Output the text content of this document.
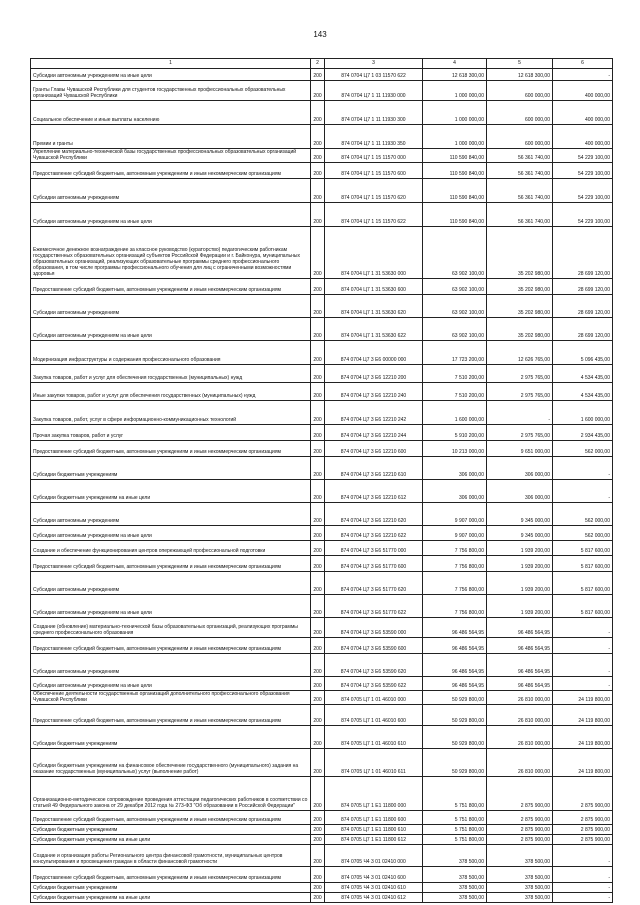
143
1	2	3	4	5	6
Субсидии автономным учреждениям на иные цели	200	874 0704 Ц7 1 03 11570 622	12 618 300,00	12 618 300,00	-
Гранты Главы Чувашской Республики для студентов государственных профессиональных образовательных организаций Чувашской Республики	200	874 0704 Ц7 1 11 11930 000	1 000 000,00	600 000,00	400 000,00
Социальное обеспечение и иные выплаты населению	200	874 0704 Ц7 1 11 11930 300	1 000 000,00	600 000,00	400 000,00
Премии и гранты	200	874 0704 Ц7 1 11 11930 350	1 000 000,00	600 000,00	400 000,00
Укрепление материально-технической базы государственных профессиональных образовательных организаций Чувашской Республики	200	874 0704 Ц7 1 15 11570 000	110 590 840,00	56 361 740,00	54 229 100,00
Предоставление субсидий бюджетным, автономным учреждениям и иным некоммерческим организациям	200	874 0704 Ц7 1 15 11570 600	110 590 840,00	56 361 740,00	54 229 100,00
Субсидии автономным учреждениям	200	874 0704 Ц7 1 15 11570 620	110 590 840,00	56 361 740,00	54 229 100,00
Субсидии автономным учреждениям на иные цели	200	874 0704 Ц7 1 15 11570 622	110 590 840,00	56 361 740,00	54 229 100,00
Ежемесячное денежное вознаграждение за классное руководство (кураторство) педагогическим работникам государственных образовательных организаций субъектов Российской Федерации и г. Байконура, муниципальных образовательных организаций, реализующих образовательные программы среднего профессионального образования, в том числе программы профессионального обучения для лиц с ограниченными возможностями здоровья	200	874 0704 Ц7 1 31 53630 000	63 902 100,00	35 202 980,00	28 699 120,00
Предоставление субсидий бюджетным, автономным учреждениям и иным некоммерческим организациям	200	874 0704 Ц7 1 31 53630 600	63 902 100,00	35 202 980,00	28 699 120,00
Субсидии автономным учреждениям	200	874 0704 Ц7 1 31 53630 620	63 902 100,00	35 202 980,00	28 699 120,00
Субсидии автономным учреждениям на иные цели	200	874 0704 Ц7 1 31 53630 622	63 902 100,00	35 202 980,00	28 699 120,00
Модернизация инфраструктуры и содержания профессионального образования	200	874 0704 Ц7 3 E6 00000 000	17 723 200,00	12 626 765,00	5 096 435,00
Закупка товаров, работ и услуг для обеспечения государственных (муниципальных) нужд	200	874 0704 Ц7 3 E6 12210 200	7 510 200,00	2 975 765,00	4 534 435,00
Иные закупки товаров, работ и услуг для обеспечения государственных (муниципальных) нужд	200	874 0704 Ц7 3 E6 12210 240	7 510 200,00	2 975 765,00	4 534 435,00
Закупка товаров, работ, услуг в сфере информационно-коммуникационных технологий	200	874 0704 Ц7 3 E6 12210 242	1 600 000,00	-	1 600 000,00
Прочая закупка товаров, работ и услуг	200	874 0704 Ц7 3 E6 12210 244	5 910 200,00	2 975 765,00	2 934 435,00
Предоставление субсидий бюджетным, автономным учреждениям и иным некоммерческим организациям	200	874 0704 Ц7 3 E6 12210 600	10 213 000,00	9 651 000,00	562 000,00
Субсидии бюджетным учреждениям	200	874 0704 Ц7 3 E6 12210 610	306 000,00	306 000,00	-
Субсидии бюджетным учреждениям на иные цели	200	874 0704 Ц7 3 E6 12210 612	306 000,00	306 000,00	-
Субсидии автономным учреждениям	200	874 0704 Ц7 3 E6 12210 620	9 907 000,00	9 345 000,00	562 000,00
Субсидии автономным учреждениям на иные цели	200	874 0704 Ц7 3 E6 12210 622	9 907 000,00	9 345 000,00	562 000,00
Создание и обеспечение функционирования центров опережающей профессиональной подготовки	200	874 0704 Ц7 3 E6 51770 000	7 756 800,00	1 939 200,00	5 817 600,00
Предоставление субсидий бюджетным, автономным учреждениям и иным некоммерческим организациям	200	874 0704 Ц7 3 E6 51770 600	7 756 800,00	1 939 200,00	5 817 600,00
Субсидии автономным учреждениям	200	874 0704 Ц7 3 E6 51770 620	7 756 800,00	1 939 200,00	5 817 600,00
Субсидии автономным учреждениям на иные цели	200	874 0704 Ц7 3 E6 51770 622	7 756 800,00	1 939 200,00	5 817 600,00
Создание (обновление) материально-технической базы образовательных организаций, реализующих программы среднего профессионального образования	200	874 0704 Ц7 3 E6 53590 000	96 486 564,95	96 486 564,95	-
Предоставление субсидий бюджетным, автономным учреждениям и иным некоммерческим организациям	200	874 0704 Ц7 3 E6 53590 600	96 486 564,95	96 486 564,95	-
Субсидии автономным учреждениям	200	874 0704 Ц7 3 E6 53590 620	96 486 564,95	96 486 564,95	-
Субсидии автономным учреждениям на иные цели	200	874 0704 Ц7 3 E6 53590 622	96 486 564,95	96 486 564,95	-
Обеспечение деятельности государственных организаций дополнительного профессионального образования Чувашской Республики	200	874 0705 Ц7 1 01 46010 000	50 929 800,00	26 810 000,00	24 119 800,00
Предоставление субсидий бюджетным, автономным учреждениям и иным некоммерческим организациям	200	874 0705 Ц7 1 01 46010 600	50 929 800,00	26 810 000,00	24 119 800,00
Субсидии бюджетным учреждениям	200	874 0705 Ц7 1 01 46010 610	50 929 800,00	26 810 000,00	24 119 800,00
Субсидии бюджетным учреждениям на финансовое обеспечение государственного (муниципального) задания на оказание государственных (муниципальных) услуг (выполнение работ)	200	874 0705 Ц7 1 01 46010 611	50 929 800,00	26 810 000,00	24 119 800,00
Организационно-методическое сопровождение проведения аттестации педагогических работников в соответствии со статьей 49 Федерального закона от 29 декабря 2012 года № 273-ФЗ "Об образовании в Российской Федерации"	200	874 0705 Ц7 1 E1 11800 000	5 751 800,00	2 875 900,00	2 875 900,00
Предоставление субсидий бюджетным, автономным учреждениям и иным некоммерческим организациям	200	874 0705 Ц7 1 E1 11800 600	5 751 800,00	2 875 900,00	2 875 900,00
Субсидии бюджетным учреждениям	200	874 0705 Ц7 1 E1 11800 610	5 751 800,00	2 875 900,00	2 875 900,00
Субсидии бюджетным учреждениям на иные цели	200	874 0705 Ц7 1 E1 11800 612	5 751 800,00	2 875 900,00	2 875 900,00
Создание и организация работы Регионального центра финансовой грамотности, муниципальных центров консультирования и просвещения граждан в области финансовой грамотности	200	874 0705 Ч4 3 01 02410 000	378 500,00	378 500,00	-
Предоставление субсидий бюджетным, автономным учреждениям и иным некоммерческим организациям	200	874 0705 Ч4 3 01 02410 600	378 500,00	378 500,00	-
Субсидии бюджетным учреждениям	200	874 0705 Ч4 3 01 02410 610	378 500,00	378 500,00	-
Субсидии бюджетным учреждениям на иные цели	200	874 0705 Ч4 3 01 02410 612	378 500,00	378 500,00	-
